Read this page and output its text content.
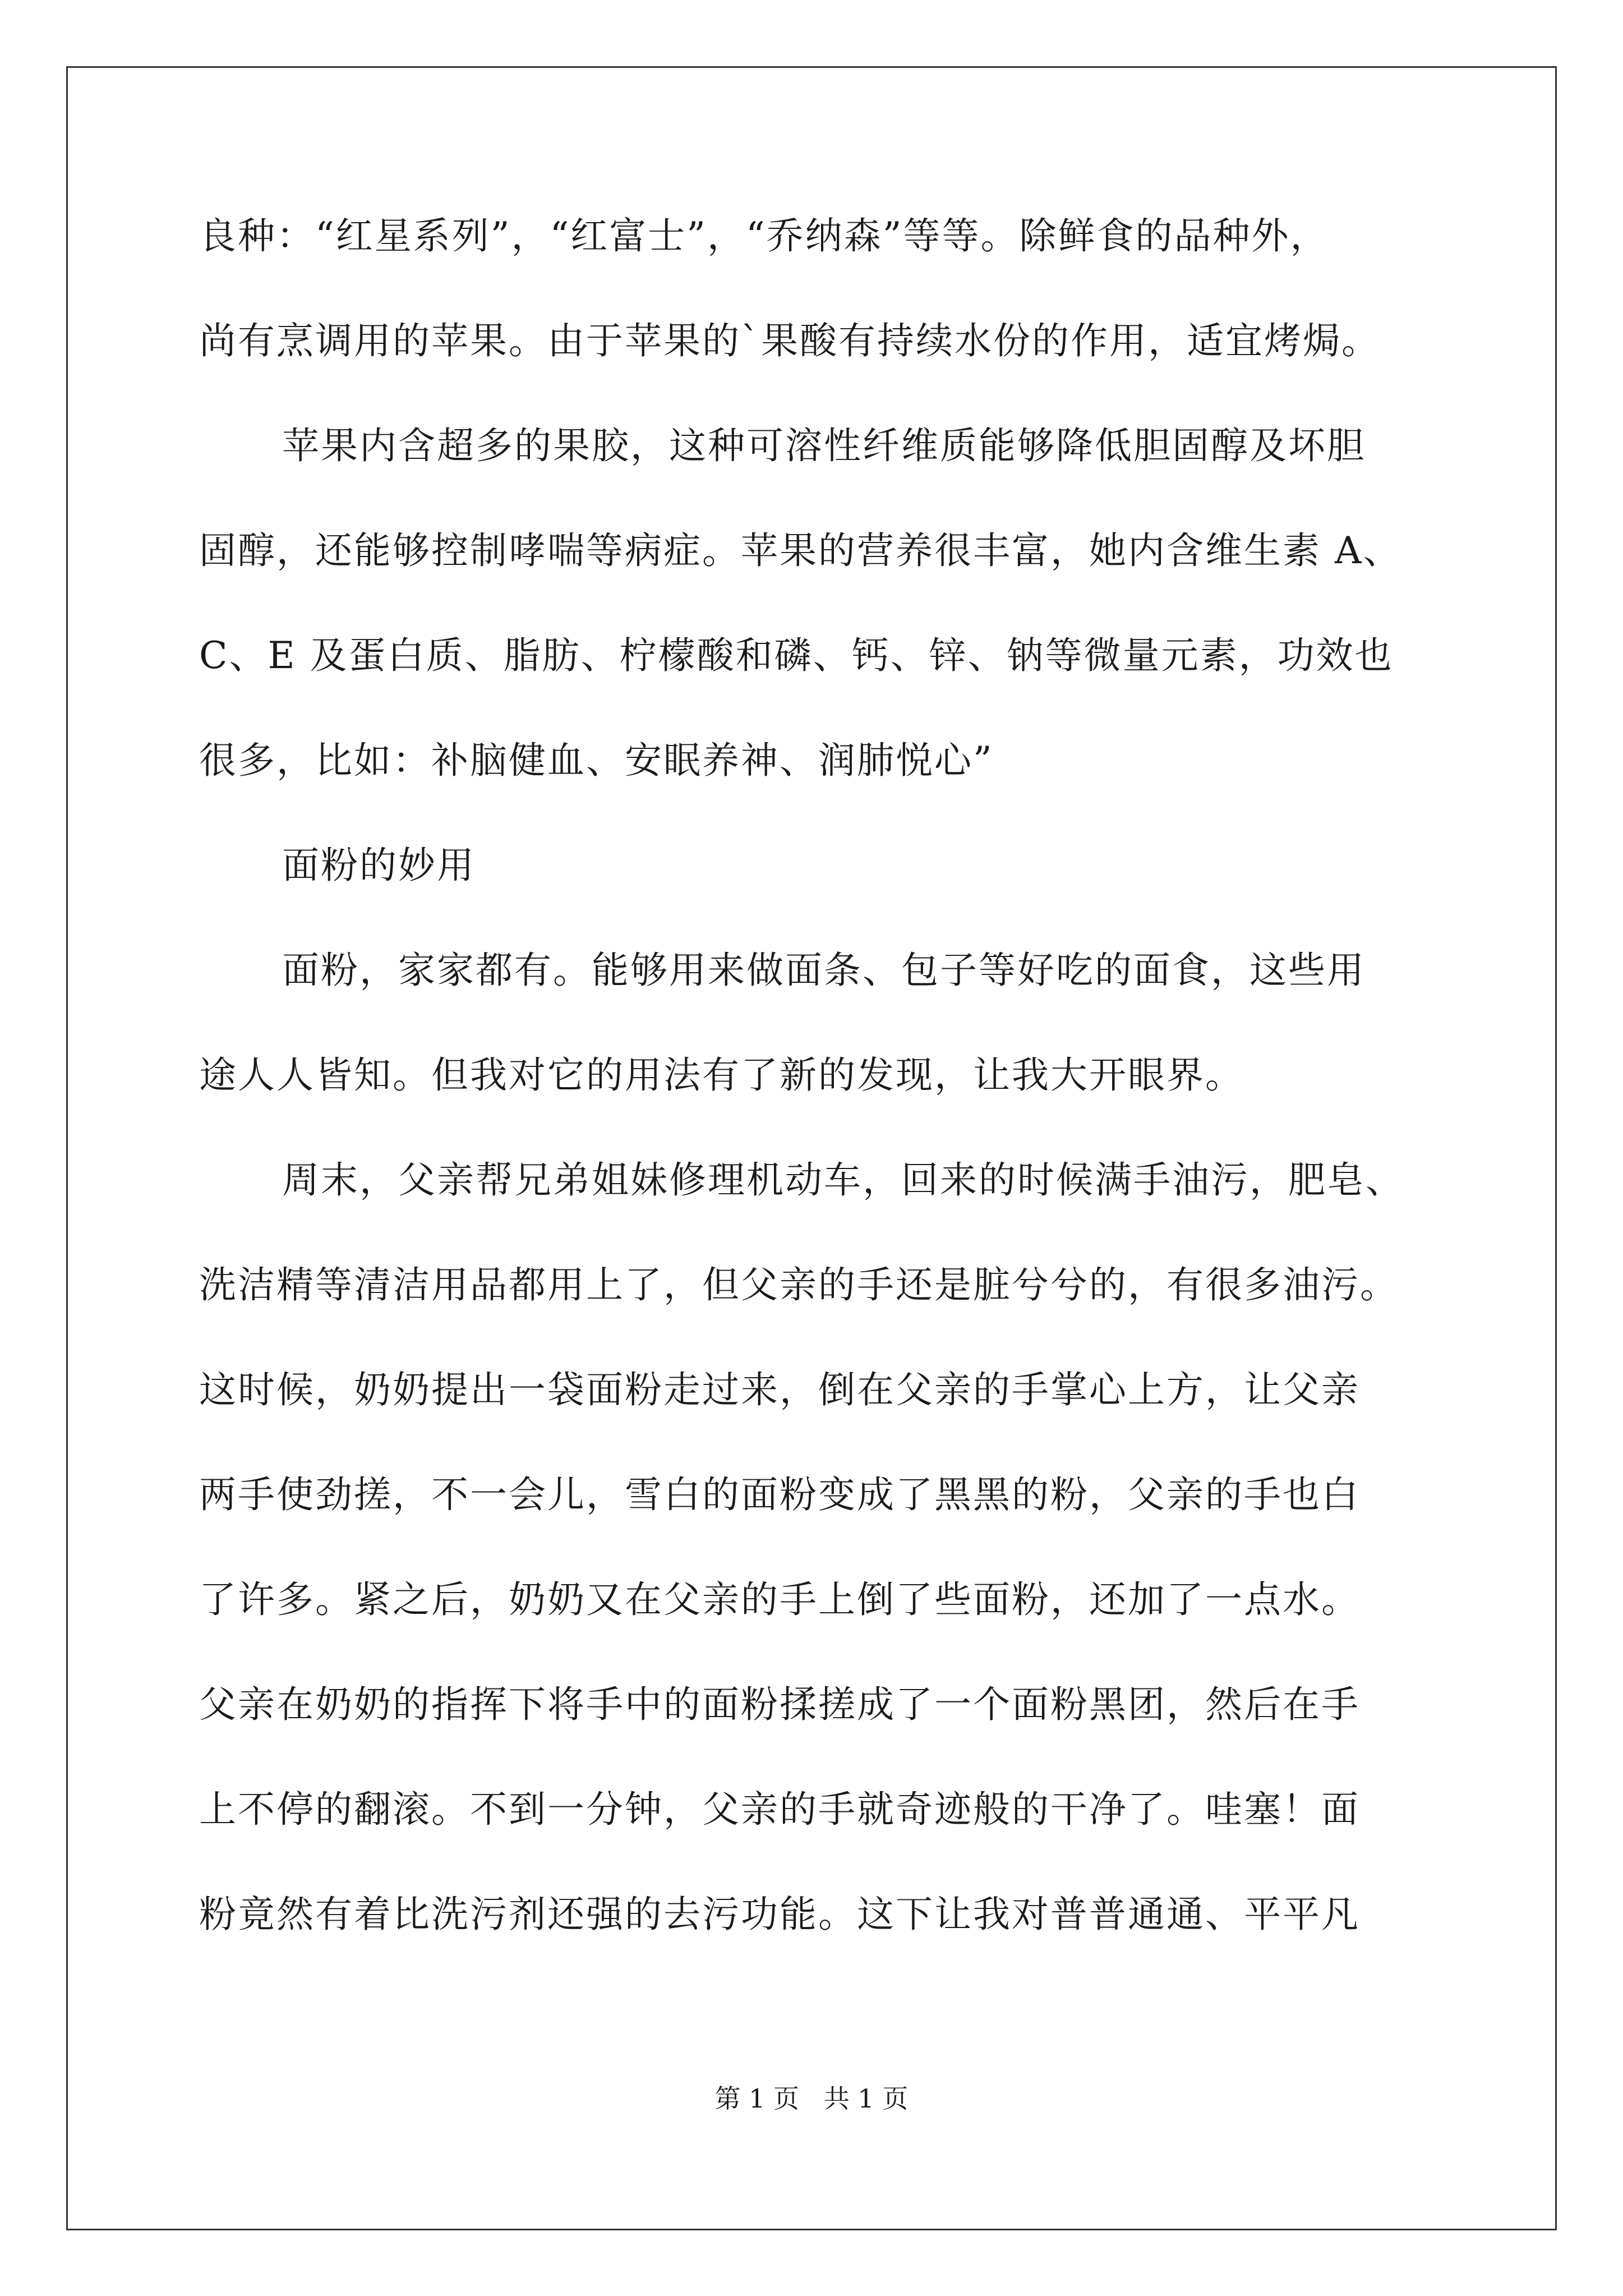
良种：“红星系列”，“红富士”，“乔纳森”等等。除鲜食的品种外，
尚有烹调用的苹果。由于苹果的`果酸有持续水份的作用，适宜烤焗。
苹果内含超多的果胶，这种可溶性纤维质能够降低胆固醇及坏胆
固醇，还能够控制哮喘等病症。苹果的营养很丰富，她内含维生素 A、
C、E 及蛋白质、脂肪、柠檬酸和磷、钙、锌、钠等微量元素，功效也
很多，比如：补脑健血、安眠养神、润肺悦心”
面粉的妙用
面粉，家家都有。能够用来做面条、包子等好吃的面食，这些用
途人人皆知。但我对它的用法有了新的发现，让我大开眼界。
周末，父亲帮兄弟姐妹修理机动车，回来的时候满手油污，肥皂、
洗洁精等清洁用品都用上了，但父亲的手还是脏兮兮的，有很多油污。
这时候，奶奶提出一袋面粉走过来，倒在父亲的手掌心上方，让父亲
两手使劲搓，不一会儿，雪白的面粉变成了黑黑的粉，父亲的手也白
了许多。紧之后，奶奶又在父亲的手上倒了些面粉，还加了一点水。
父亲在奶奶的指挥下将手中的面粉揉搓成了一个面粉黑团，然后在手
上不停的翻滚。不到一分钟，父亲的手就奇迹般的干净了。哇塞！面
粉竟然有着比洗污剂还强的去污功能。这下让我对普普通通、平平凡
第 1 页   共 1 页
